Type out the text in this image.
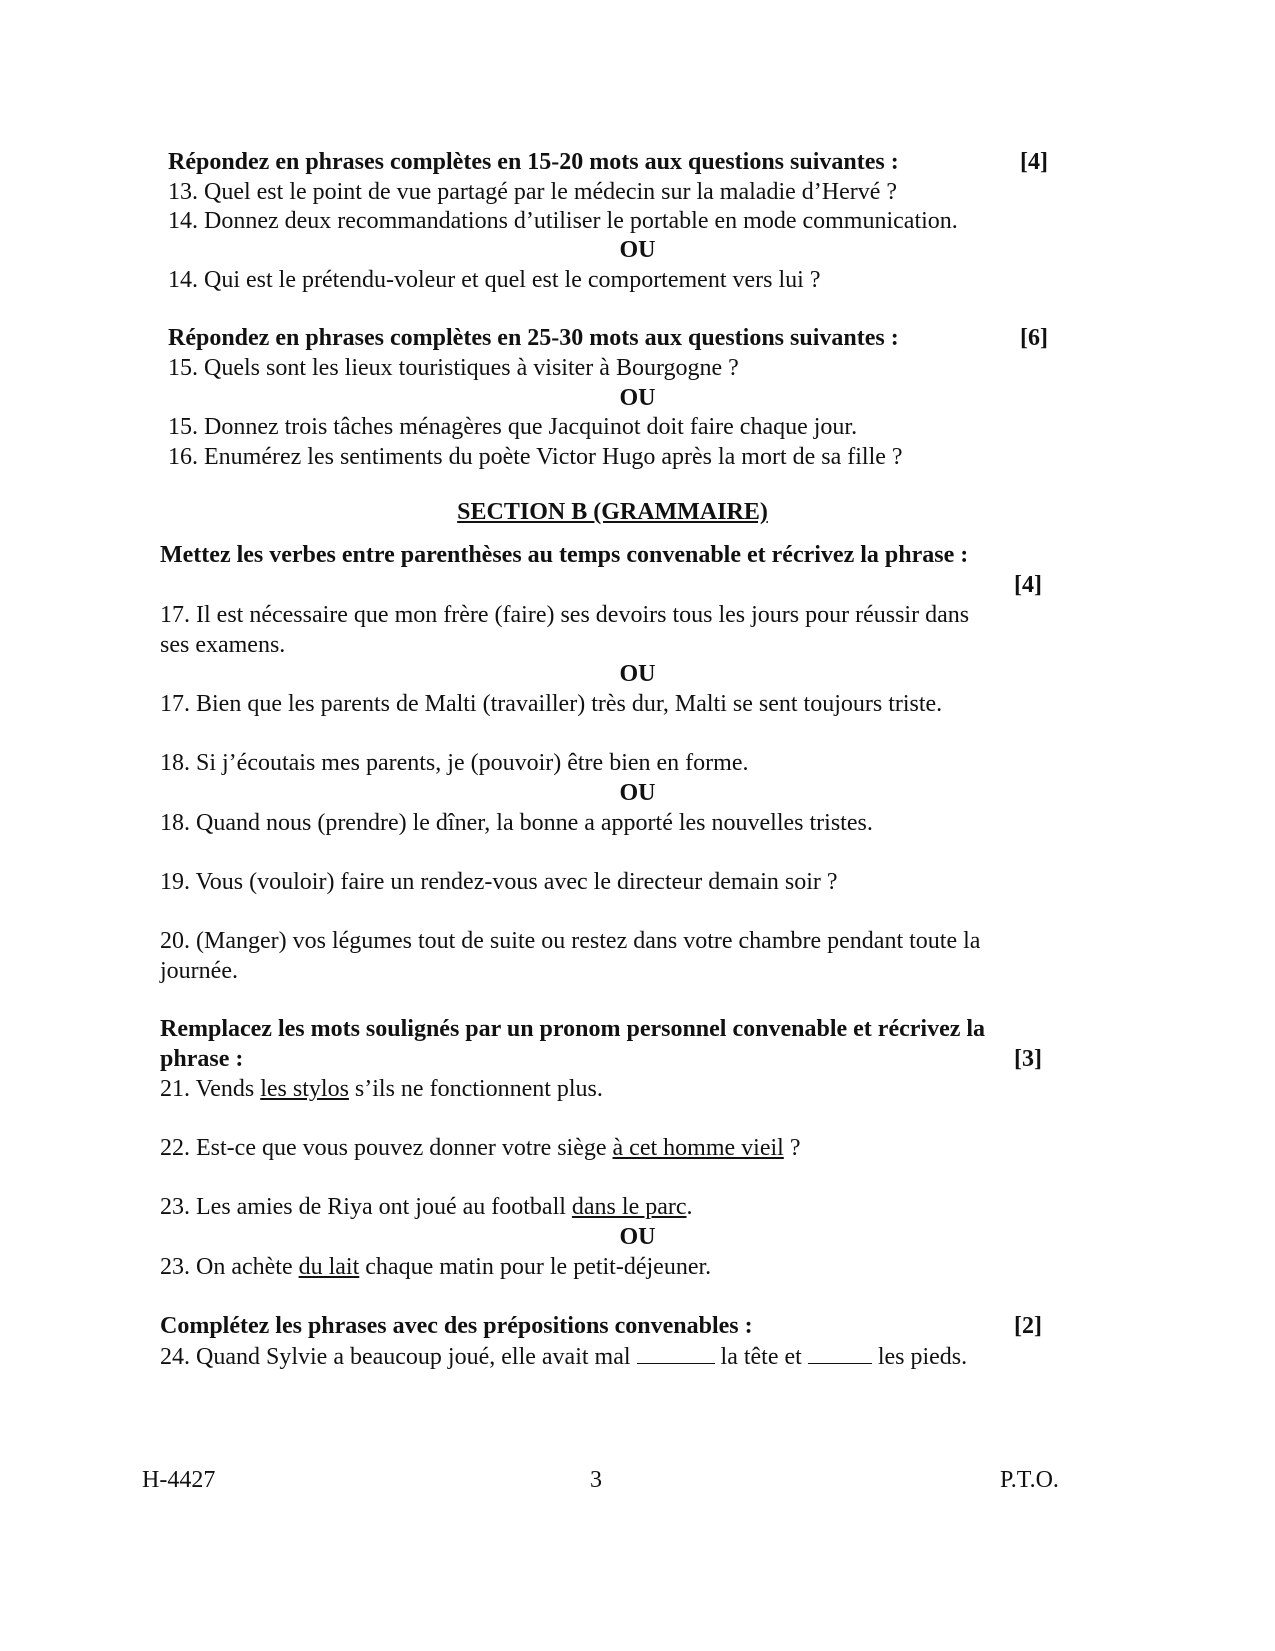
Répondez en phrases complètes en 15-20 mots aux questions suivantes :	[4]
13. Quel est le point de vue partagé par le médecin sur la maladie d’Hervé ?
14. Donnez deux recommandations d’utiliser le portable en mode communication.
OU
14. Qui est le prétendu-voleur et quel est le comportement vers lui ?
Répondez en phrases complètes en 25-30 mots aux questions suivantes :	[6]
15. Quels sont les lieux touristiques à visiter à Bourgogne ?
OU
15. Donnez trois tâches ménagères que Jacquinot doit faire chaque jour.
16. Enumérez les sentiments du poète Victor Hugo après la mort de sa fille ?
SECTION B (GRAMMAIRE)
Mettez les verbes entre parenthèses au temps convenable et récrivez la phrase :
[4]
17. Il est nécessaire que mon frère (faire) ses devoirs tous les jours pour réussir dans
ses examens.
OU
17. Bien que les parents de Malti (travailler) très dur, Malti se sent toujours triste.
18. Si j’écoutais mes parents, je (pouvoir) être bien en forme.
OU
18. Quand nous (prendre) le dîner, la bonne a apporté les nouvelles tristes.
19. Vous (vouloir) faire un rendez-vous avec le directeur demain soir ?
20. (Manger) vos légumes tout de suite ou restez dans votre chambre pendant toute la
journée.
Remplacez les mots soulignés par un pronom personnel convenable et récrivez la
phrase :	[3]
21. Vends les stylos s’ils ne fonctionnent plus.
22. Est-ce que vous pouvez donner votre siège à cet homme vieil ?
23. Les amies de Riya ont joué au football dans le parc.
OU
23. On achète du lait chaque matin pour le petit-déjeuner.
Complétez les phrases avec des prépositions convenables :	[2]
24. Quand Sylvie a beaucoup joué, elle avait mal	la tête et	les pieds.
H-4427	3	P.T.O.
